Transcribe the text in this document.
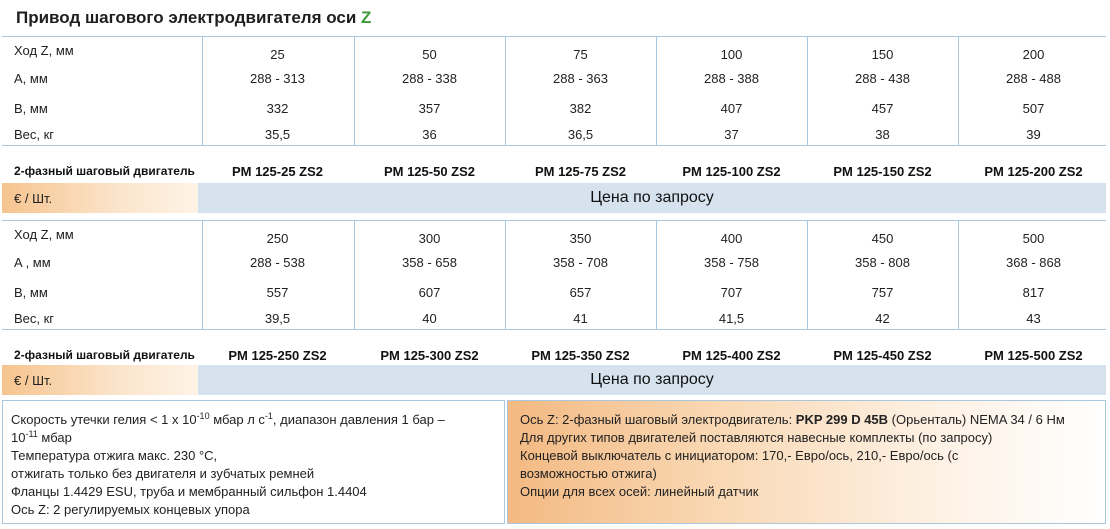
Привод шагового электродвигателя оси Z
Ход Z, мм	25	50	75	100	150	200
A, мм	288 - 313	288 - 338	288 - 363	288 - 388	288 - 438	288 - 488
B, мм	332	357	382	407	457	507
Вес, кг	35,5	36	36,5	37	38	39
2-фазный шаговый двигатель	PM 125-25 ZS2	PM 125-50 ZS2	PM 125-75 ZS2	PM 125-100 ZS2	PM 125-150 ZS2	PM 125-200 ZS2
€ / Шт.	Цена по запросу
Ход Z, мм	250	300	350	400	450	500
A , мм	288 - 538	358 - 658	358 - 708	358 - 758	358 - 808	368 - 868
B, мм	557	607	657	707	757	817
Вес, кг	39,5	40	41	41,5	42	43
2-фазный шаговый двигатель	PM 125-250 ZS2	PM 125-300 ZS2	PM 125-350 ZS2	PM 125-400 ZS2	PM 125-450 ZS2	PM 125-500 ZS2
€ / Шт.	Цена по запросу
Скорость утечки гелия < 1 x $10^{-10}$ мбар л $с^{-1}$, диапазон давления 1 бар –
$10^{-11}$ мбар
Температура отжига макс. 230 °C,
отжигать только без двигателя и зубчатых ремней
Фланцы 1.4429 ESU, труба и мембранный сильфон 1.4404
Ось Z: 2 регулируемых концевых упора
Ось Z: 2-фазный шаговый электродвигатель: PKP 299 D 45B (Орьенталь) NEMA 34 / 6 Нм
Для других типов двигателей поставляются навесные комплекты (по запросу)
Концевой выключатель с инициатором: 170,- Евро/ось, 210,- Евро/ось (с
возможностью отжига)
Опции для всех осей: линейный датчик
